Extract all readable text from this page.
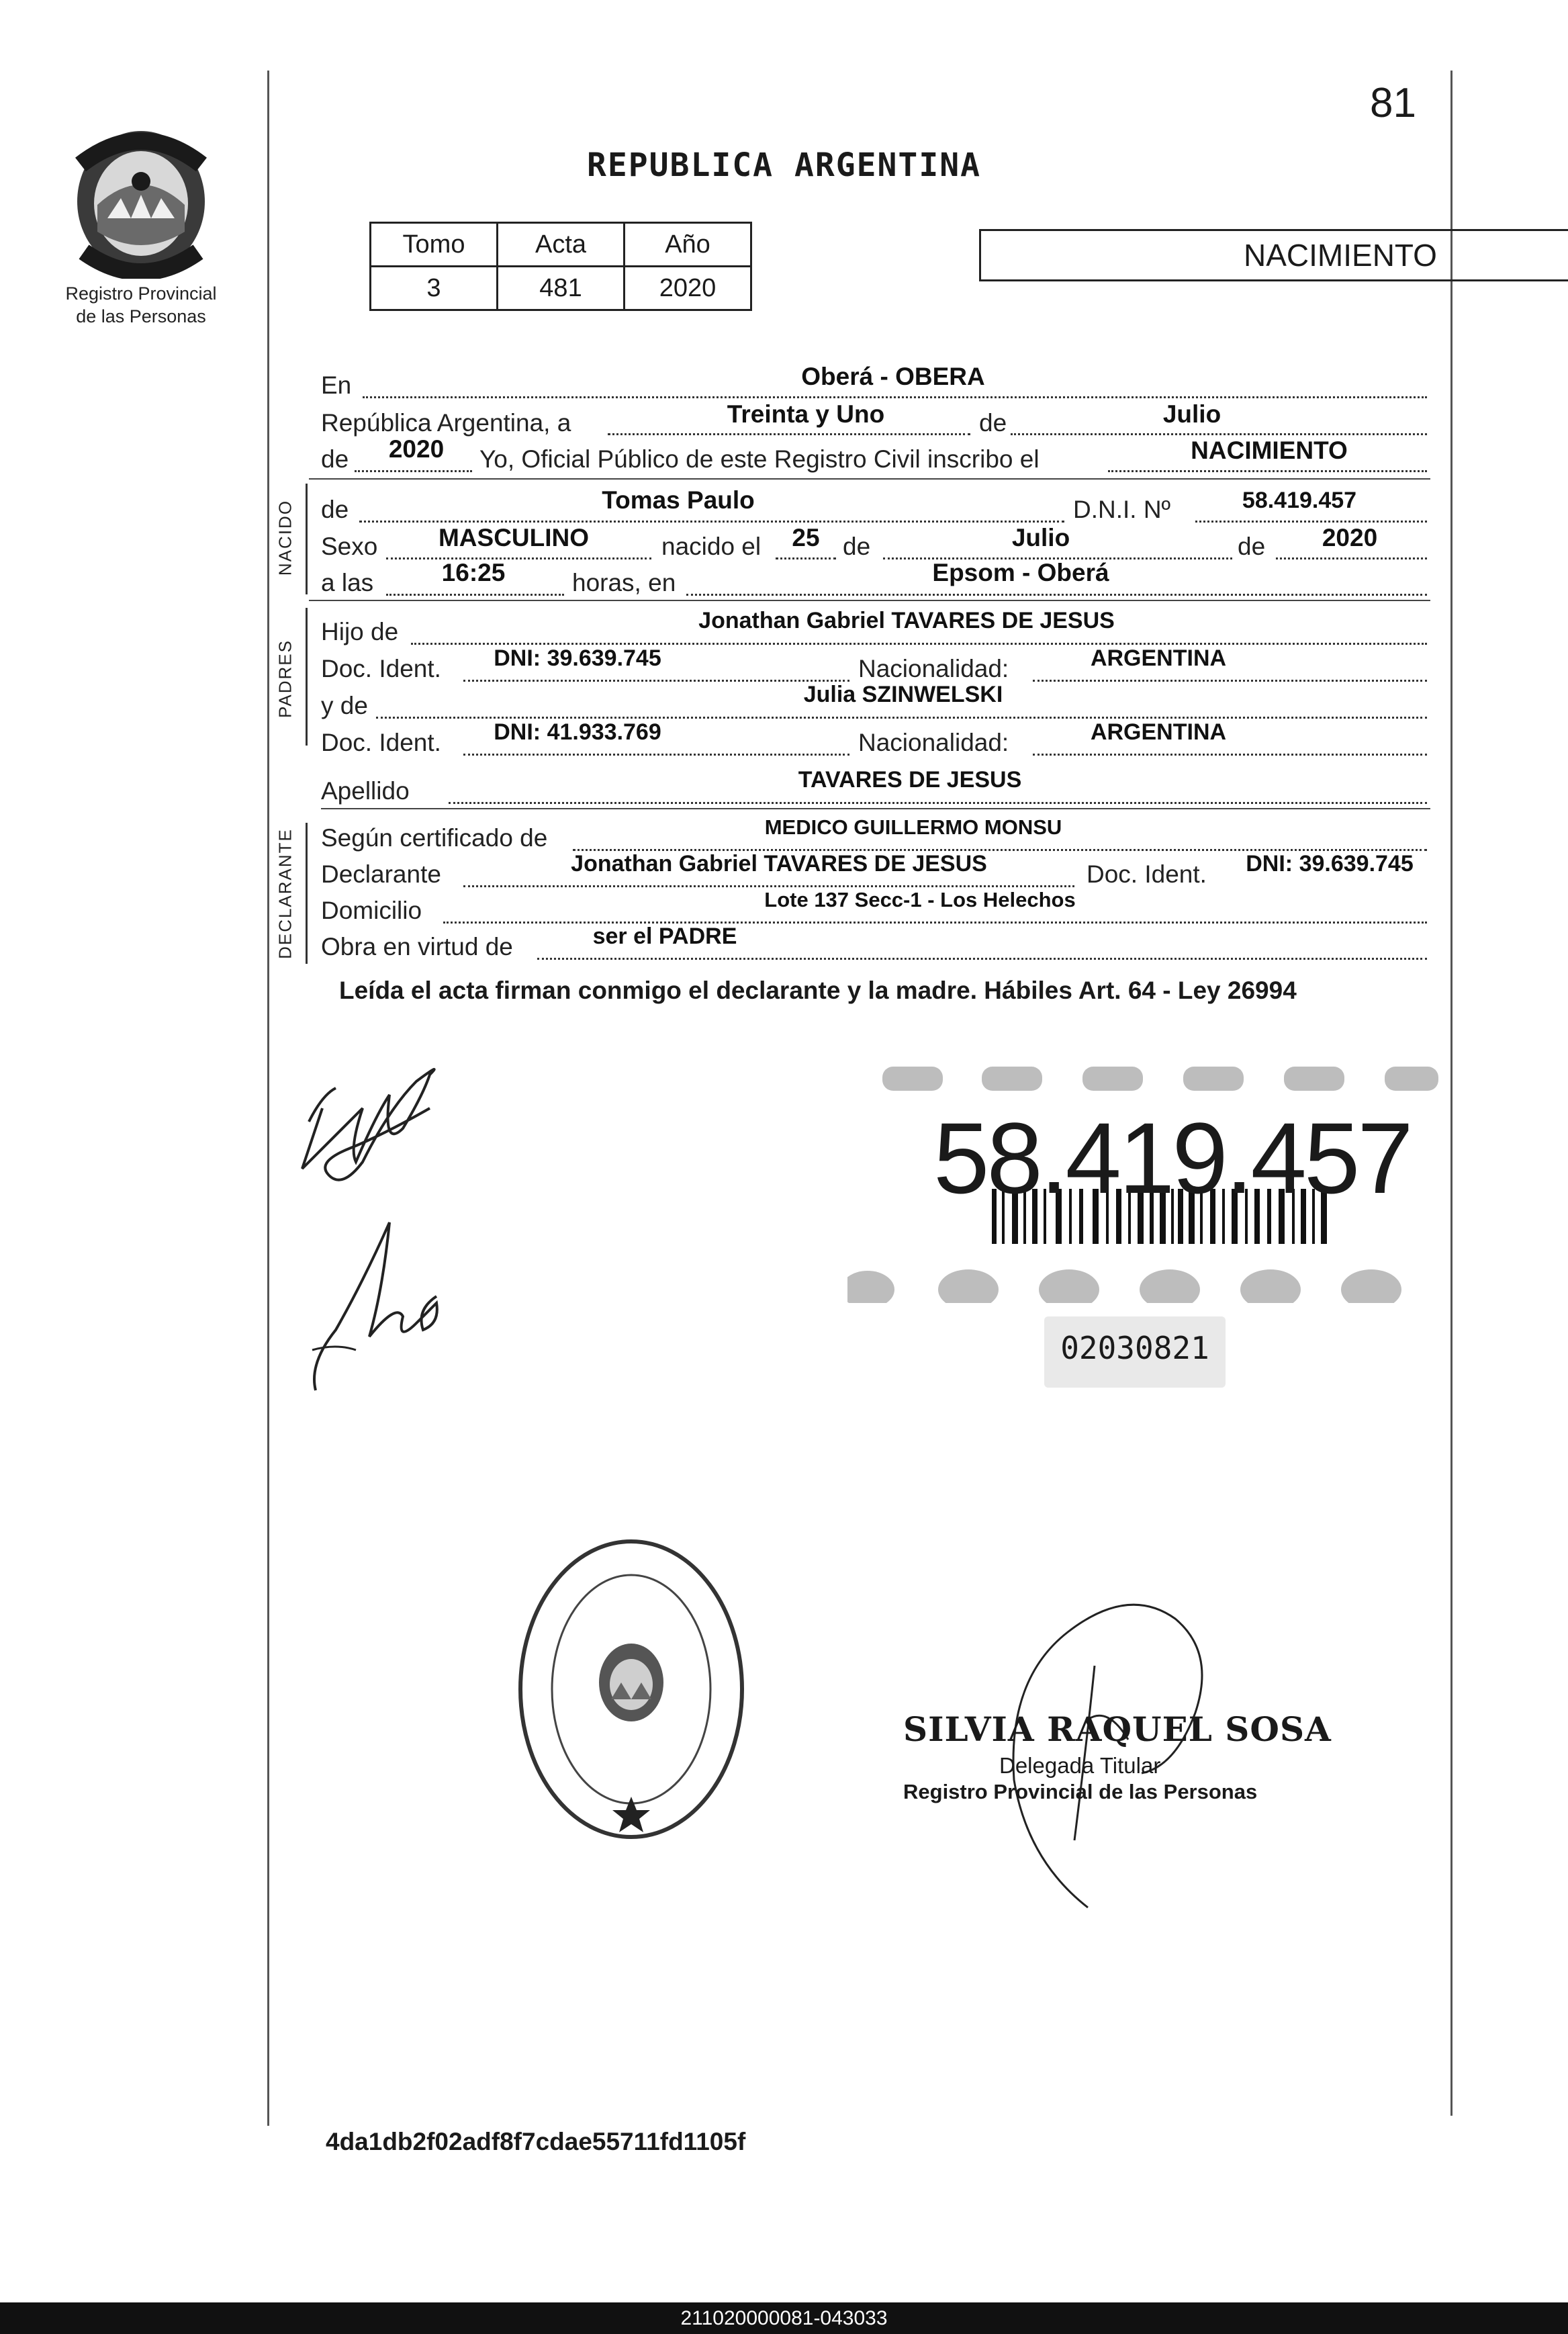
81
Registro Provincial
de las Personas
REPUBLICA ARGENTINA
Tomo	Acta	Año
3	481	2020
NACIMIENTO
En	Oberá - OBERA
República Argentina, a	Treinta y Uno	de	Julio
de	2020	Yo, Oficial Público de este Registro Civil inscribo el	NACIMIENTO
NACIDO de	Tomas Paulo	D.N.I. Nº	58.419.457
Sexo	MASCULINO	nacido el	25 de	Julio	de	2020
a las	16:25	horas, en	Epsom - Oberá
PADRES
Hijo de	Jonathan Gabriel TAVARES DE JESUS
Doc. Ident.	DNI: 39.639.745	Nacionalidad:	ARGENTINA
y de	Julia SZINWELSKI
Doc. Ident.	DNI: 41.933.769	Nacionalidad:	ARGENTINA
Apellido	TAVARES DE JESUS
DECLARANTE Según certificado de	MEDICO GUILLERMO MONSU
Declarante	Jonathan Gabriel TAVARES DE JESUS	Doc. Ident.	DNI: 39.639.745
Domicilio	Lote 137 Secc-1 - Los Helechos
Obra en virtud de	ser el PADRE
Leída el acta firman conmigo el declarante y la madre. Hábiles Art. 64 - Ley 26994
58.419.457
02030821
SILVIA RAQUEL SOSA
Delegada Titular
Registro Provincial de las Personas
4da1db2f02adf8f7cdae55711fd1105f
211020000081-043033
